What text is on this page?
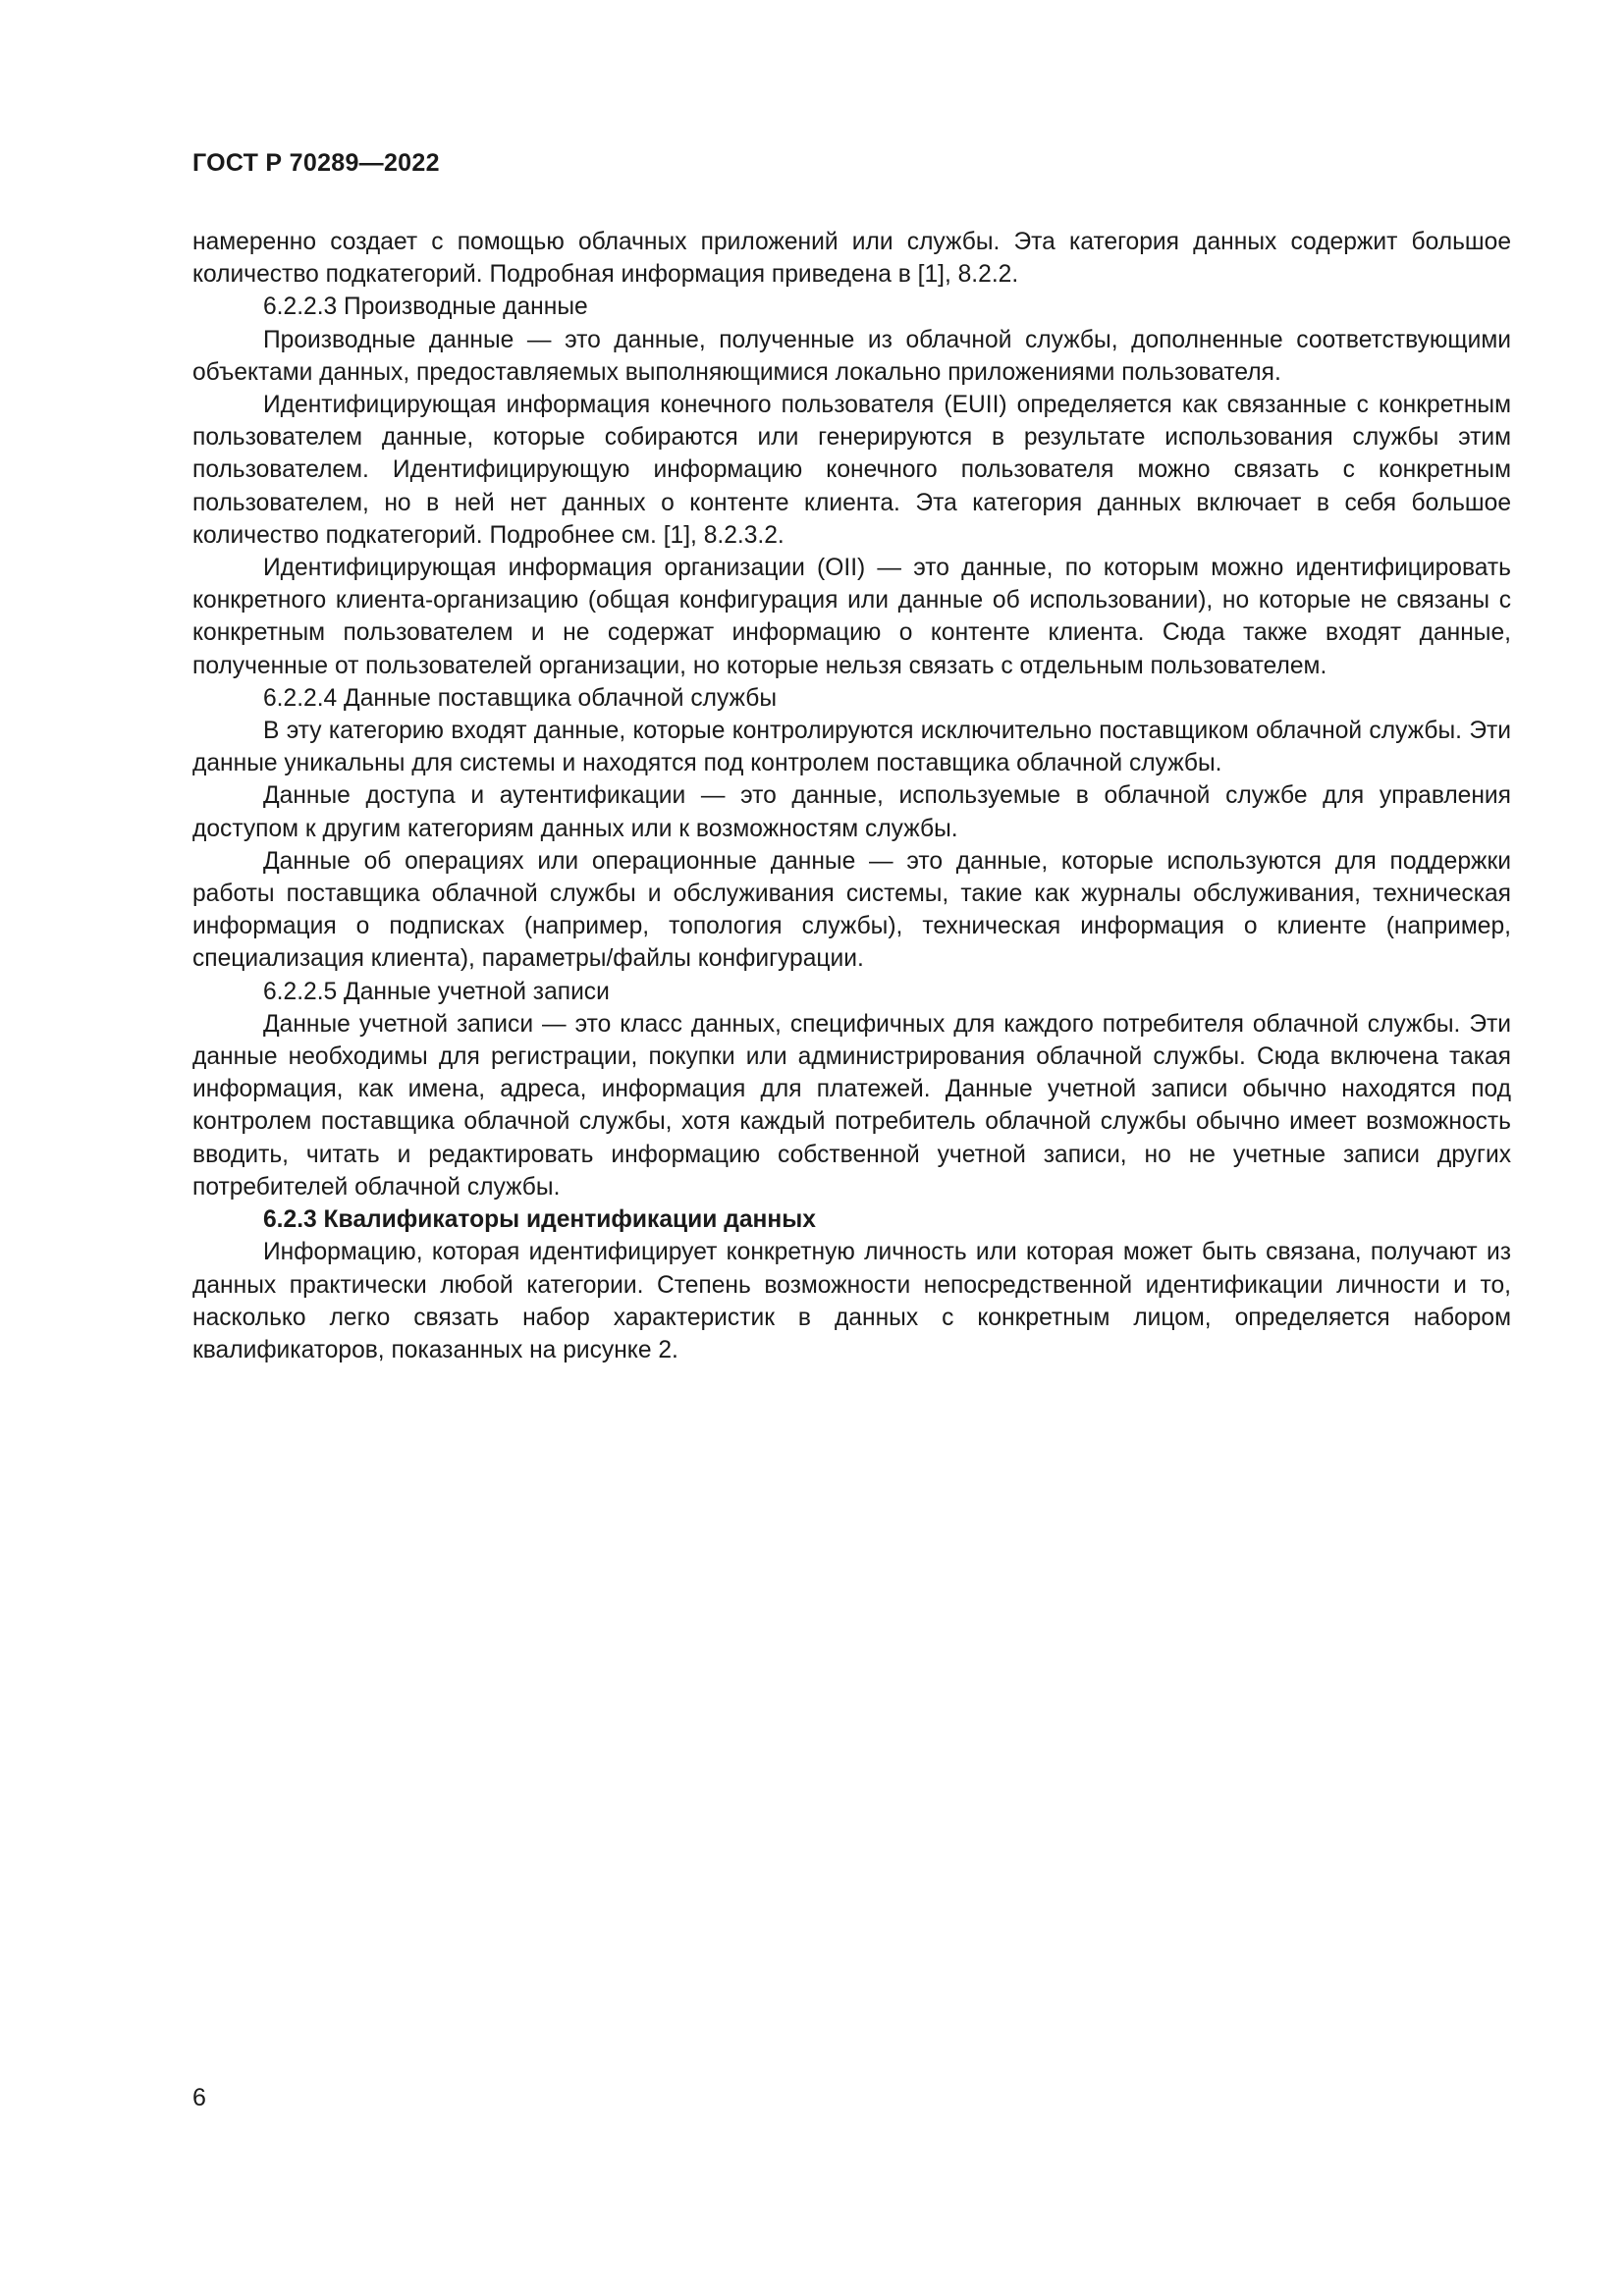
ГОСТ Р 70289—2022

намеренно создает с помощью облачных приложений или службы. Эта категория данных содержит большое количество подкатегорий. Подробная информация приведена в [1], 8.2.2.

6.2.2.3 Производные данные

Производные данные — это данные, полученные из облачной службы, дополненные соответствующими объектами данных, предоставляемых выполняющимися локально приложениями пользователя.

Идентифицирующая информация конечного пользователя (EUII) определяется как связанные с конкретным пользователем данные, которые собираются или генерируются в результате использования службы этим пользователем. Идентифицирующую информацию конечного пользователя можно связать с конкретным пользователем, но в ней нет данных о контенте клиента. Эта категория данных включает в себя большое количество подкатегорий. Подробнее см. [1], 8.2.3.2.

Идентифицирующая информация организации (OII) — это данные, по которым можно идентифицировать конкретного клиента-организацию (общая конфигурация или данные об использовании), но которые не связаны с конкретным пользователем и не содержат информацию о контенте клиента. Сюда также входят данные, полученные от пользователей организации, но которые нельзя связать с отдельным пользователем.

6.2.2.4 Данные поставщика облачной службы

В эту категорию входят данные, которые контролируются исключительно поставщиком облачной службы. Эти данные уникальны для системы и находятся под контролем поставщика облачной службы.

Данные доступа и аутентификации — это данные, используемые в облачной службе для управления доступом к другим категориям данных или к возможностям службы.

Данные об операциях или операционные данные — это данные, которые используются для поддержки работы поставщика облачной службы и обслуживания системы, такие как журналы обслуживания, техническая информация о подписках (например, топология службы), техническая информация о клиенте (например, специализация клиента), параметры/файлы конфигурации.

6.2.2.5 Данные учетной записи

Данные учетной записи — это класс данных, специфичных для каждого потребителя облачной службы. Эти данные необходимы для регистрации, покупки или администрирования облачной службы. Сюда включена такая информация, как имена, адреса, информация для платежей. Данные учетной записи обычно находятся под контролем поставщика облачной службы, хотя каждый потребитель облачной службы обычно имеет возможность вводить, читать и редактировать информацию собственной учетной записи, но не учетные записи других потребителей облачной службы.

6.2.3 Квалификаторы идентификации данных

Информацию, которая идентифицирует конкретную личность или которая может быть связана, получают из данных практически любой категории. Степень возможности непосредственной идентификации личности и то, насколько легко связать набор характеристик в данных с конкретным лицом, определяется набором квалификаторов, показанных на рисунке 2.

6
